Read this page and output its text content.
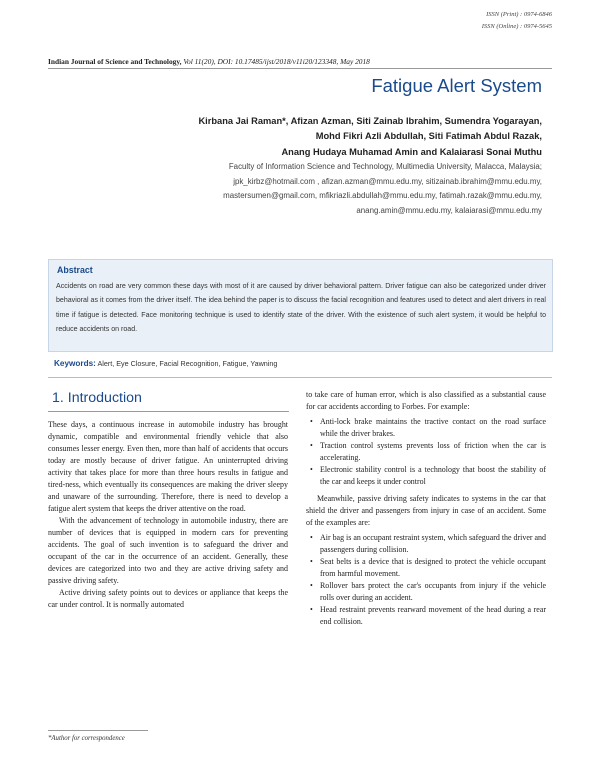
ISSN (Print) : 0974-6846
ISSN (Online) : 0974-5645
Indian Journal of Science and Technology, Vol 11(20), DOI: 10.17485/ijst/2018/v11i20/123348, May 2018
Fatigue Alert System
Kirbana Jai Raman*, Afizan Azman, Siti Zainab Ibrahim, Sumendra Yogarayan,
Mohd Fikri Azli Abdullah, Siti Fatimah Abdul Razak,
Anang Hudaya Muhamad Amin and Kalaiarasi Sonai Muthu
Faculty of Information Science and Technology, Multimedia University, Malacca, Malaysia;
jpk_kirbz@hotmail.com , afizan.azman@mmu.edu.my, sitizainab.ibrahim@mmu.edu.my,
mastersumen@gmail.com, mfikriazli.abdullah@mmu.edu.my, fatimah.razak@mmu.edu.my,
anang.amin@mmu.edu.my, kalaiarasi@mmu.edu.my
Abstract
Accidents on road are very common these days with most of it are caused by driver behavioral pattern. Driver fatigue can also be categorized under driver behavioral as it comes from the driver itself. The idea behind the paper is to discuss the facial recognition and features used to detect and alert drivers in real time if fatigue is detected. Face monitoring technique is used to identify state of the driver. With the existence of such alert system, it would be helpful to reduce accidents on road.
Keywords: Alert, Eye Closure, Facial Recognition, Fatigue, Yawning
1. Introduction

These days, a continuous increase in automobile industry has brought dynamic, compatible and environmental friendly vehicle that also consumes lesser energy. Even then, more than half of accidents that occurs today are mostly because of driver fatigue. An uninterrupted driving activity that takes place for more than three hours results in fatigue and tired-ness, which eventually its consequences are making the driver sleepy and unaware of the surrounding. Therefore, there is need to develop a fatigue alert system that keeps the driver attentive on the road.

With the advancement of technology in automobile industry, there are number of devices that is equipped in modern cars for preventing accidents. The goal of such invention is to safeguard the driver and occupant of the car in the occurrence of an accident. Generally, these devices are categorized into two and they are active driving safety and passive driving safety.

Active driving safety points out to devices or appliance that keeps the car under control. It is normally automated

to take care of human error, which is also classified as a substantial cause for car accidents according to Forbes. For example:

• Anti-lock brake maintains the tractive contact on the road surface while the driver brakes.
• Traction control systems prevents loss of friction when the car is accelerating.
• Electronic stability control is a technology that boost the stability of the car and keeps it under control

Meanwhile, passive driving safety indicates to systems in the car that shield the driver and passengers from injury in case of an accident. Some of the examples are:

• Air bag is an occupant restraint system, which safeguard the driver and passengers during collision.
• Seat belts is a device that is designed to protect the vehicle occupant from harmful movement.
• Rollover bars protect the car's occupants from injury if the vehicle rolls over during an accident.
• Head restraint prevents rearward movement of the head during a rear end collision.
*Author for correspondence
